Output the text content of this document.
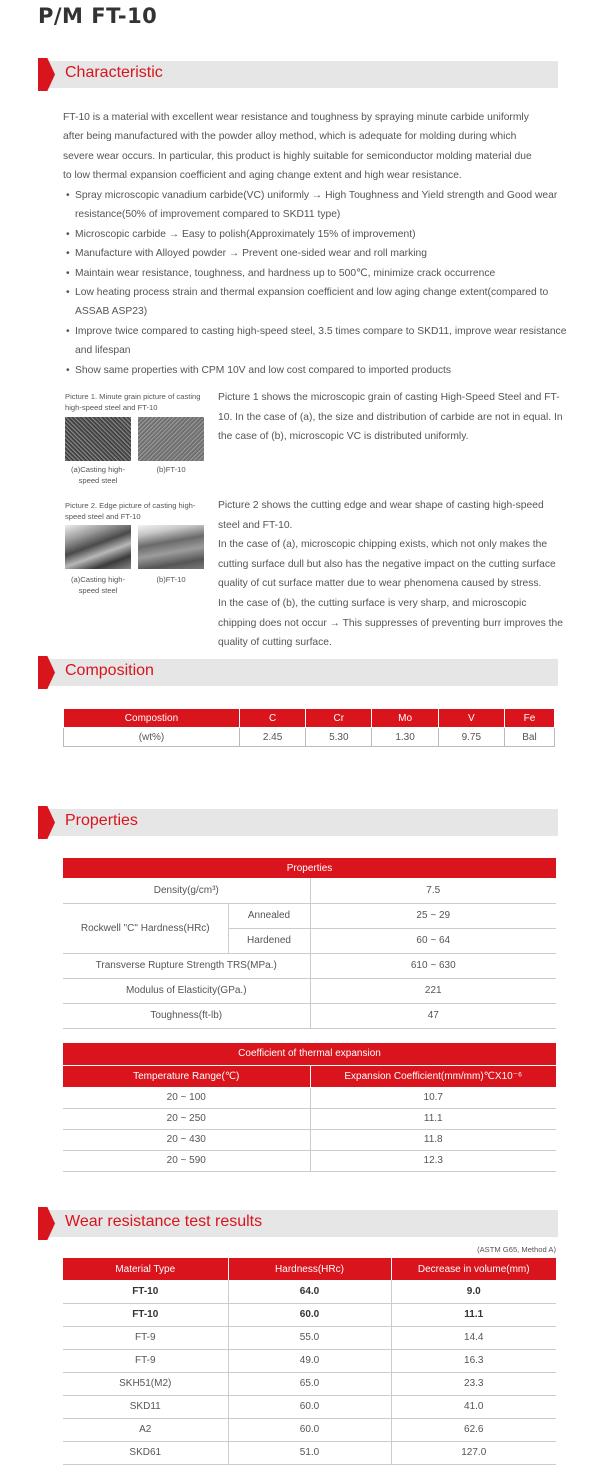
P/M FT-10
Characteristic
FT-10 is a material with excellent wear resistance and toughness by spraying minute carbide uniformly
after being manufactured with the powder alloy method, which is adequate for molding during which
severe wear occurs. In particular, this product is highly suitable for semiconductor molding material due
to low thermal expansion coefficient and aging change extent and high wear resistance.
• Spray microscopic vanadium carbide(VC) uniformly → High Toughness and Yield strength and Good wear resistance(50% of improvement compared to SKD11 type)
• Microscopic carbide → Easy to polish(Approximately 15% of improvement)
• Manufacture with Alloyed powder → Prevent one-sided wear and roll marking
• Maintain wear resistance, toughness, and hardness up to 500℃, minimize crack occurrence
• Low heating process strain and thermal expansion coefficient and low aging change extent(compared to ASSAB ASP23)
• Improve twice compared to casting high-speed steel, 3.5 times compare to SKD11, improve wear resistance and lifespan
• Show same properties with CPM 10V and low cost compared to imported products
Picture 1. Minute grain picture of casting high-speed steel and FT-10
(a)Casting high-speed steel
(b)FT-10
Picture 1 shows the microscopic grain of casting High-Speed Steel and FT-10. In the case of (a), the size and distribution of carbide are not in equal. In the case of (b), microscopic VC is distributed uniformly.
Picture 2. Edge picture of casting high-speed steel and FT-10
(a)Casting high-speed steel
(b)FT-10
Picture 2 shows the cutting edge and wear shape of casting high-speed steel and FT-10.
In the case of (a), microscopic chipping exists, which not only makes the cutting surface dull but also has the negative impact on the cutting surface quality of cut surface matter due to wear phenomena caused by stress.
In the case of (b), the cutting surface is very sharp, and microscopic chipping does not occur → This suppresses of preventing burr improves the quality of cutting surface.
Composition
Compostion	C	Cr	Mo	V	Fe
(wt%)	2.45	5.30	1.30	9.75	Bal
Properties
Properties		
Density(g/cm³)		7.5
Rockwell "C" Hardness(HRc)	Annealed	25 ~ 29
	Hardened	60 ~ 64
Transverse Rupture Strength TRS(MPa.)		610 ~ 630
Modulus of Elasticity(GPa.)		221
Toughness(ft-lb)		47
Coefficient of thermal expansion	
Temperature Range(℃)	Expansion Coefficient(mm/mm)℃X10⁻⁶
20 ~ 100	10.7
20 ~ 250	11.1
20 ~ 430	11.8
20 ~ 590	12.3
Wear resistance test results
(ASTM G65, Method A)
Material Type	Hardness(HRc)	Decrease in volume(mm)
FT-10	64.0	9.0
FT-10	60.0	11.1
FT-9	55.0	14.4
FT-9	49.0	16.3
SKH51(M2)	65.0	23.3
SKD11	60.0	41.0
A2	60.0	62.6
SKD61	51.0	127.0
